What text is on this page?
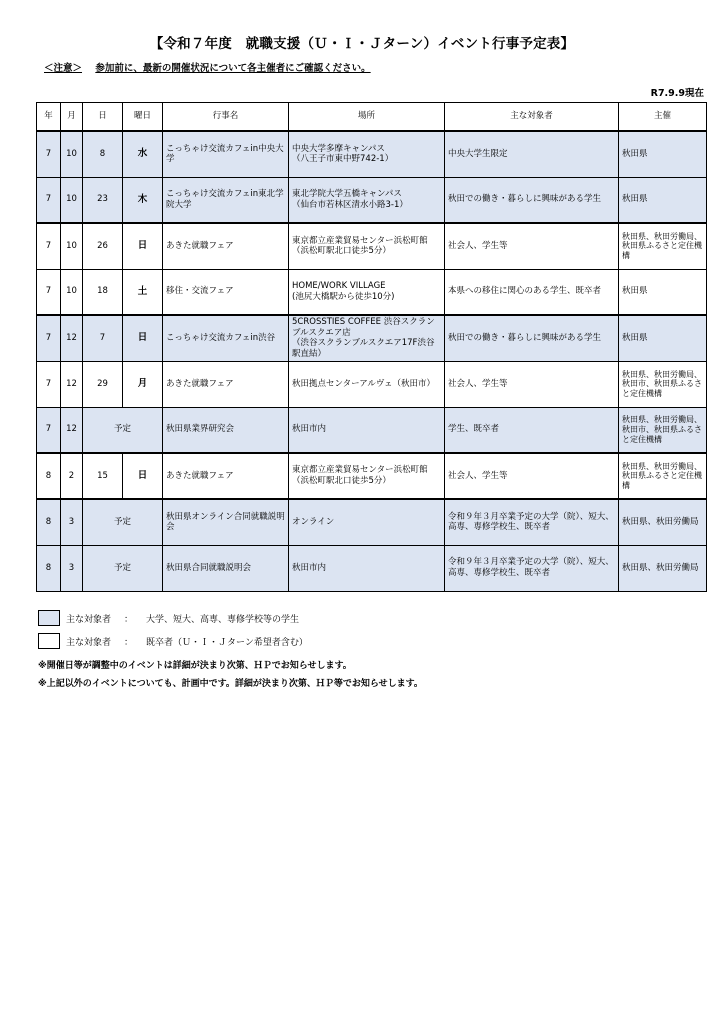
【令和７年度　就職支援（Ｕ・Ｉ・Ｊターン）イベント行事予定表】
＜注意＞ 参加前に、最新の開催状況について各主催者にご確認ください。
R7.9.9現在
年	月	日	曜日	行事名	場所	主な対象者	主催
7	10	8	水	こっちゃけ交流カフェin中央大学	中央大学多摩キャンパス
（八王子市東中野742-1）	中央大学生限定	秋田県
7	10	23	木	こっちゃけ交流カフェin東北学院大学	東北学院大学五橋キャンパス
（仙台市若林区清水小路3-1）	秋田での働き・暮らしに興味がある学生	秋田県
7	10	26	日	あきた就職フェア	東京都立産業貿易センター浜松町館
（浜松町駅北口徒歩5分）	社会人、学生等	秋田県、秋田労働局、秋田県ふるさと定住機構
7	10	18	土	移住・交流フェア	HOME/WORK VILLAGE
(池尻大橋駅から徒歩10分)	本県への移住に関心のある学生、既卒者	秋田県
7	12	7	日	こっちゃけ交流カフェin渋谷	5CROSSTIES COFFEE 渋谷スクランブルスクエア店
（渋谷スクランブルスクエア17F渋谷駅直結）	秋田での働き・暮らしに興味がある学生	秋田県
7	12	29	月	あきた就職フェア	秋田拠点センターアルヴェ（秋田市）	社会人、学生等	秋田県、秋田労働局、秋田市、秋田県ふるさと定住機構
7	12	予定		秋田県業界研究会	秋田市内	学生、既卒者	秋田県、秋田労働局、秋田市、秋田県ふるさと定住機構
8	2	15	日	あきた就職フェア	東京都立産業貿易センター浜松町館
（浜松町駅北口徒歩5分）	社会人、学生等	秋田県、秋田労働局、秋田県ふるさと定住機構
8	3	予定		秋田県オンライン合同就職説明会	オンライン	令和９年３月卒業予定の大学（院）、短大、高専、専修学校生、既卒者	秋田県、秋田労働局
8	3	予定		秋田県合同就職説明会	秋田市内	令和９年３月卒業予定の大学（院）、短大、高専、専修学校生、既卒者	秋田県、秋田労働局
主な対象者	：	大学、短大、高専、専修学校等の学生
主な対象者	：	既卒者（Ｕ・Ｉ・Ｊターン希望者含む）
※開催日等が調整中のイベントは詳細が決まり次第、ＨＰでお知らせします。
※上記以外のイベントについても、計画中です。詳細が決まり次第、ＨＰ等でお知らせします。
